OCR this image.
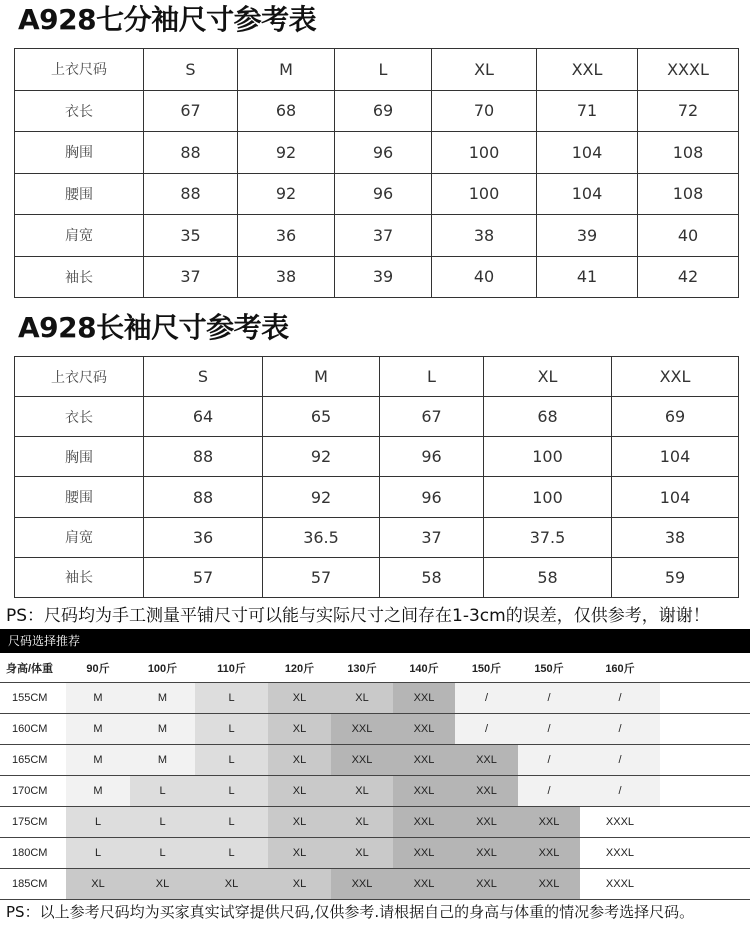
A928七分袖尺寸参考表
上衣尺码	S	M	L	XL	XXL	XXXL
衣长	67	68	69	70	71	72
胸围	88	92	96	100	104	108
腰围	88	92	96	100	104	108
肩宽	35	36	37	38	39	40
袖长	37	38	39	40	41	42
A928长袖尺寸参考表
上衣尺码	S	M	L	XL	XXL
衣长	64	65	67	68	69
胸围	88	92	96	100	104
腰围	88	92	96	100	104
肩宽	36	36.5	37	37.5	38
袖长	57	57	58	58	59
PS：尺码均为手工测量平铺尺寸可以能与实际尺寸之间存在1-3cm的误差，仅供参考，谢谢！
尺码选择推荐
身高/体重	90斤	100斤	110斤	120斤	130斤	140斤	150斤	150斤	160斤	
155CM	M	M	L	XL	XL	XXL	/	/	/	
160CM	M	M	L	XL	XXL	XXL	/	/	/	
165CM	M	M	L	XL	XXL	XXL	XXL	/	/	
170CM	M	L	L	XL	XL	XXL	XXL	/	/	
175CM	L	L	L	XL	XL	XXL	XXL	XXL	XXXL	
180CM	L	L	L	XL	XL	XXL	XXL	XXL	XXXL	
185CM	XL	XL	XL	XL	XXL	XXL	XXL	XXL	XXXL	
PS：以上参考尺码均为买家真实试穿提供尺码,仅供参考.请根据自己的身高与体重的情况参考选择尺码。
